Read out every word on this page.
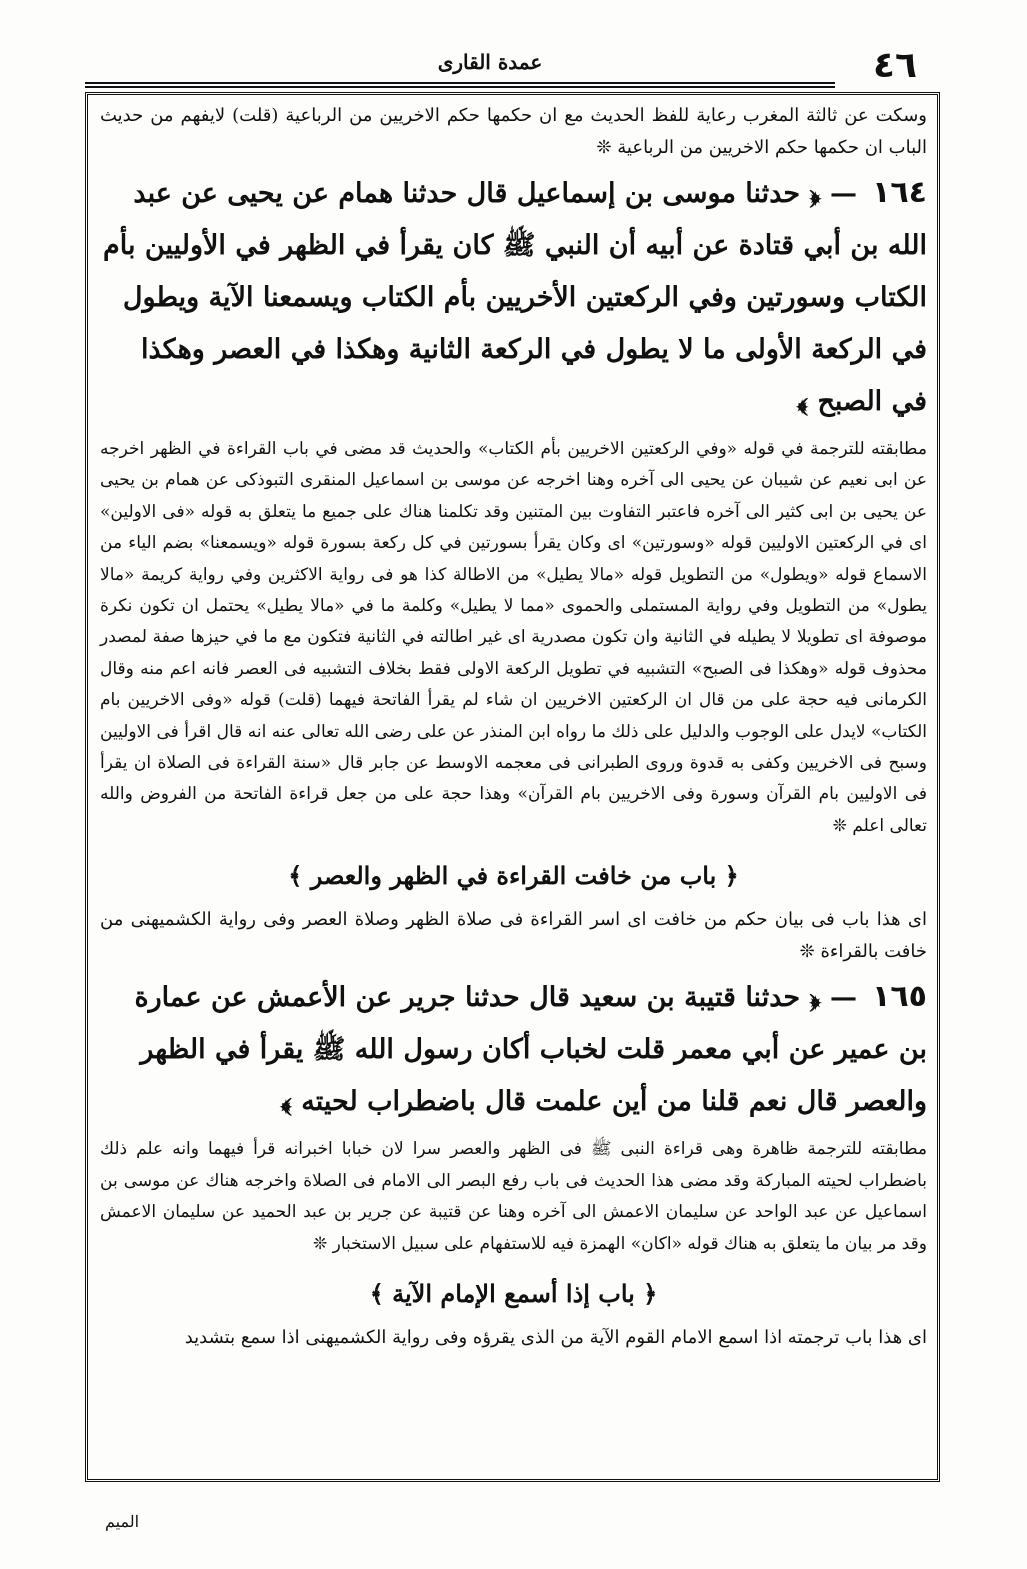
٤٦
عمدة القارى

وسكت عن ثالثة المغرب رعاية للفظ الحديث مع ان حكمها حكم الاخريين من الرباعية (قلت) لايفهم من حديث الباب ان حكمها حكم الاخريين من الرباعية ❊

١٦٤ — ﴿ حدثنا موسى بن إسماعيل قال حدثنا همام عن يحيى عن عبد الله بن أبي قتادة عن أبيه أن النبي ﷺ كان يقرأ في الظهر في الأوليين بأم الكتاب وسورتين وفي الركعتين الأخريين بأم الكتاب ويسمعنا الآية ويطول في الركعة الأولى ما لا يطول في الركعة الثانية وهكذا في العصر وهكذا في الصبح ﴾

مطابقته للترجمة في قوله «وفي الركعتين الاخريين بأم الكتاب» والحديث قد مضى في باب القراءة في الظهر اخرجه عن ابى نعيم عن شيبان عن يحيى الى آخره وهنا اخرجه عن موسى بن اسماعيل المنقرى التبوذكى عن همام بن يحيى عن يحيى بن ابى كثير الى آخره فاعتبر التفاوت بين المتنين وقد تكلمنا هناك على جميع ما يتعلق به قوله «فى الاولين» اى في الركعتين الاوليين قوله «وسورتين» اى وكان يقرأ بسورتين في كل ركعة بسورة قوله «ويسمعنا» بضم الياء من الاسماع قوله «ويطول» من التطويل قوله «مالا يطيل» من الاطالة كذا هو فى رواية الاكثرين وفي رواية كريمة «مالا يطول» من التطويل وفي رواية المستملى والحموى «مما لا يطيل» وكلمة ما في «مالا يطيل» يحتمل ان تكون نكرة موصوفة اى تطويلا لا يطيله في الثانية وان تكون مصدرية اى غير اطالته في الثانية فتكون مع ما في حيزها صفة لمصدر محذوف قوله «وهكذا فى الصبح» التشبيه في تطويل الركعة الاولى فقط بخلاف التشبيه فى العصر فانه اعم منه وقال الكرمانى فيه حجة على من قال ان الركعتين الاخريين ان شاء لم يقرأ الفاتحة فيهما (قلت) قوله «وفى الاخريين بام الكتاب» لايدل على الوجوب والدليل على ذلك ما رواه ابن المنذر عن على رضى الله تعالى عنه انه قال اقرأ فى الاوليين وسبح فى الاخريين وكفى به قدوة وروى الطبرانى فى معجمه الاوسط عن جابر قال «سنة القراءة فى الصلاة ان يقرأ فى الاوليين بام القرآن وسورة وفى الاخريين بام القرآن» وهذا حجة على من جعل قراءة الفاتحة من الفروض والله تعالى اعلم ❊

﴿ باب من خافت القراءة في الظهر والعصر ﴾

اى هذا باب فى بيان حكم من خافت اى اسر القراءة فى صلاة الظهر وصلاة العصر وفى رواية الكشميهنى من خافت بالقراءة ❊

١٦٥ — ﴿ حدثنا قتيبة بن سعيد قال حدثنا جرير عن الأعمش عن عمارة بن عمير عن أبي معمر قلت لخباب أكان رسول الله ﷺ يقرأ في الظهر والعصر قال نعم قلنا من أين علمت قال باضطراب لحيته ﴾

مطابقته للترجمة ظاهرة وهى قراءة النبى ﷺ فى الظهر والعصر سرا لان خبابا اخبرانه قرأ فيهما وانه علم ذلك باضطراب لحيته المباركة وقد مضى هذا الحديث فى باب رفع البصر الى الامام فى الصلاة واخرجه هناك عن موسى بن اسماعيل عن عبد الواحد عن سليمان الاعمش الى آخره وهنا عن قتيبة عن جرير بن عبد الحميد عن سليمان الاعمش وقد مر بيان ما يتعلق به هناك قوله «اكان» الهمزة فيه للاستفهام على سبيل الاستخبار ❊

﴿ باب إذا أسمع الإمام الآية ﴾

اى هذا باب ترجمته اذا اسمع الامام القوم الآية من الذى يقرؤه وفى رواية الكشميهنى اذا سمع بتشديد

الميم
